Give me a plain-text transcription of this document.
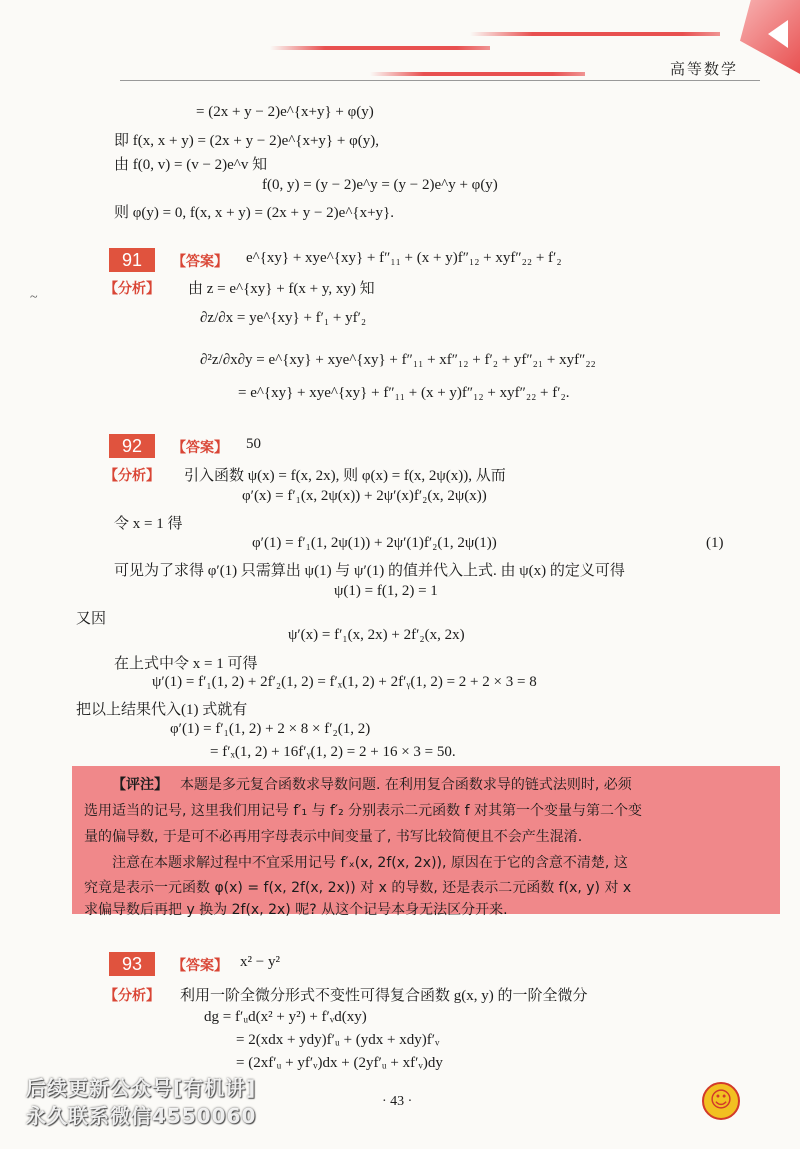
高等数学
= (2x + y − 2)e^{x+y} + φ(y)
即 f(x, x + y) = (2x + y − 2)e^{x+y} + φ(y),
由 f(0, v) = (v − 2)e^v 知
f(0, y) = (y − 2)e^y = (y − 2)e^y + φ(y)
则 φ(y) = 0, f(x, x + y) = (2x + y − 2)e^{x+y}.
~
91	【答案】 e^{xy} + xye^{xy} + f″₁₁ + (x + y)f″₁₂ + xyf″₂₂ + f′₂
【分析】 由 z = e^{xy} + f(x + y, xy) 知
∂z/∂x = ye^{xy} + f′₁ + yf′₂
∂²z/∂x∂y = e^{xy} + xye^{xy} + f″₁₁ + xf″₁₂ + f′₂ + yf″₂₁ + xyf″₂₂
= e^{xy} + xye^{xy} + f″₁₁ + (x + y)f″₁₂ + xyf″₂₂ + f′₂.
92	【答案】 50
【分析】 引入函数 ψ(x) = f(x, 2x), 则 φ(x) = f(x, 2ψ(x)), 从而
φ′(x) = f′₁(x, 2ψ(x)) + 2ψ′(x)f′₂(x, 2ψ(x))
令 x = 1 得
φ′(1) = f′₁(1, 2ψ(1)) + 2ψ′(1)f′₂(1, 2ψ(1))	(1)
可见为了求得 φ′(1) 只需算出 ψ(1) 与 ψ′(1) 的值并代入上式. 由 ψ(x) 的定义可得
ψ(1) = f(1, 2) = 1
又因
ψ′(x) = f′₁(x, 2x) + 2f′₂(x, 2x)
在上式中令 x = 1 可得
ψ′(1) = f′₁(1, 2) + 2f′₂(1, 2) = f′ₓ(1, 2) + 2f′ᵧ(1, 2) = 2 + 2 × 3 = 8
把以上结果代入(1) 式就有
φ′(1) = f′₁(1, 2) + 2 × 8 × f′₂(1, 2)
= f′ₓ(1, 2) + 16f′ᵧ(1, 2) = 2 + 16 × 3 = 50.
【评注】 本题是多元复合函数求导数问题. 在利用复合函数求导的链式法则时, 必须
选用适当的记号, 这里我们用记号 f′₁ 与 f′₂ 分别表示二元函数 f 对其第一个变量与第二个变
量的偏导数, 于是可不必再用字母表示中间变量了, 书写比较简便且不会产生混淆.
注意在本题求解过程中不宜采用记号 f′ₓ(x, 2f(x, 2x)), 原因在于它的含意不清楚, 这
究竟是表示一元函数 φ(x) = f(x, 2f(x, 2x)) 对 x 的导数, 还是表示二元函数 f(x, y) 对 x
求偏导数后再把 y 换为 2f(x, 2x) 呢? 从这个记号本身无法区分开来.
93	【答案】 x² − y²
【分析】 利用一阶全微分形式不变性可得复合函数 g(x, y) 的一阶全微分
dg = f′ᵤd(x² + y²) + f′ᵥd(xy)
= 2(xdx + ydy)f′ᵤ + (ydx + xdy)f′ᵥ
= (2xf′ᵤ + yf′ᵥ)dx + (2yf′ᵤ + xf′ᵥ)dy
后续更新公众号[有机讲]
永久联系微信4550060
· 43 ·	☺
